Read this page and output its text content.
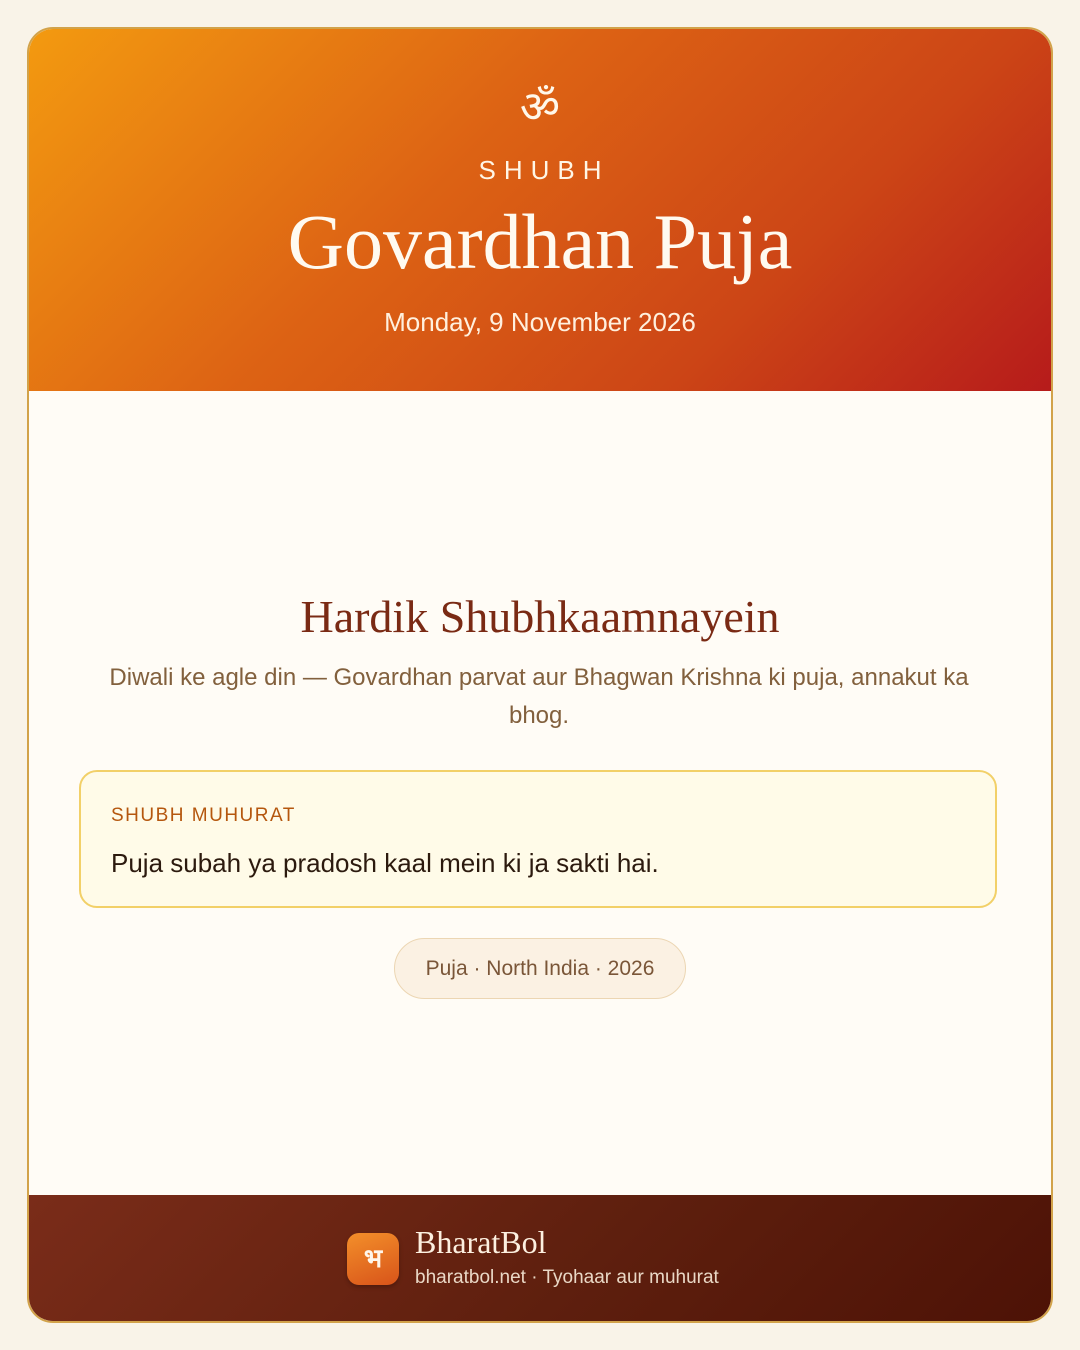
ॐ
SHUBH
Govardhan Puja
Monday, 9 November 2026
Hardik Shubhkaamnayein
Diwali ke agle din — Govardhan parvat aur Bhagwan Krishna ki puja, annakut ka bhog.
SHUBH MUHURAT
Puja subah ya pradosh kaal mein ki ja sakti hai.
Puja · North India · 2026
भ	BharatBol
bharatbol.net · Tyohaar aur muhurat
